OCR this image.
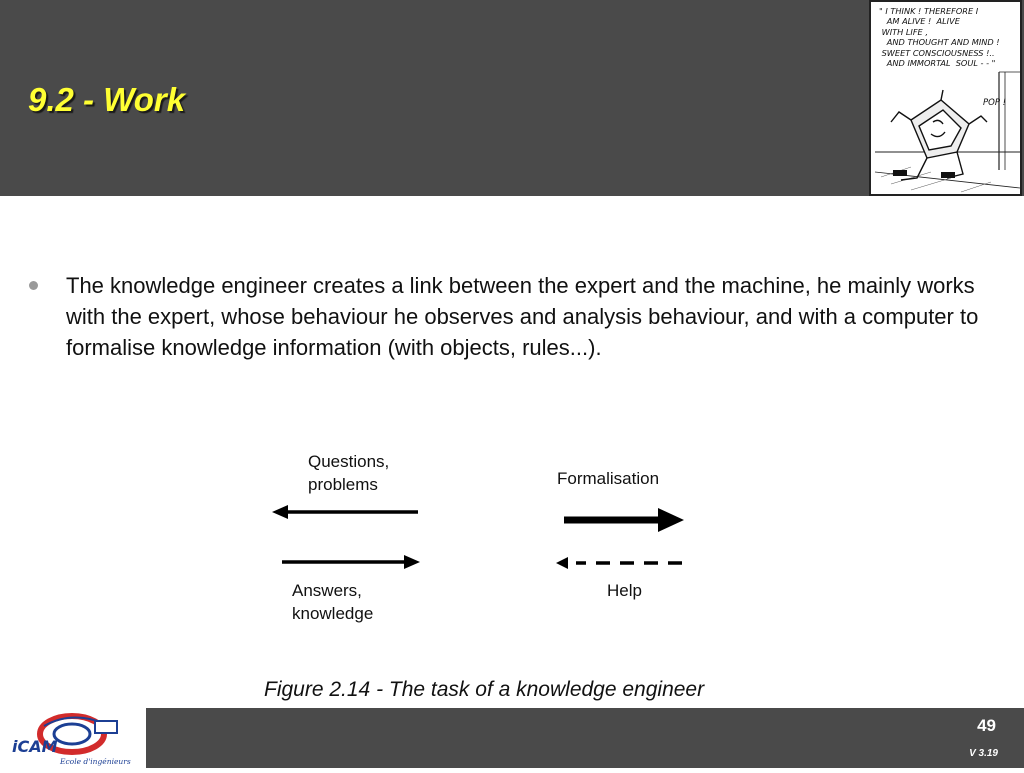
9.2 - Work
" I THINK ! THEREFORE I
AM ALIVE !  ALIVE
WITH LIFE ,
AND THOUGHT AND MIND !
SWEET CONSCIOUSNESS !..
AND IMMORTAL  SOUL - - "
POP !

The knowledge engineer creates a link between the expert and the machine, he mainly works with the expert, whose behaviour he observes and analysis behaviour, and with a computer to formalise knowledge information (with objects, rules...).

Questions, problems
Answers, knowledge
Formalisation
Help
Figure 2.14 - The task of a knowledge engineer
iCAM
Ecole d'ingénieurs
49
V 3.19
